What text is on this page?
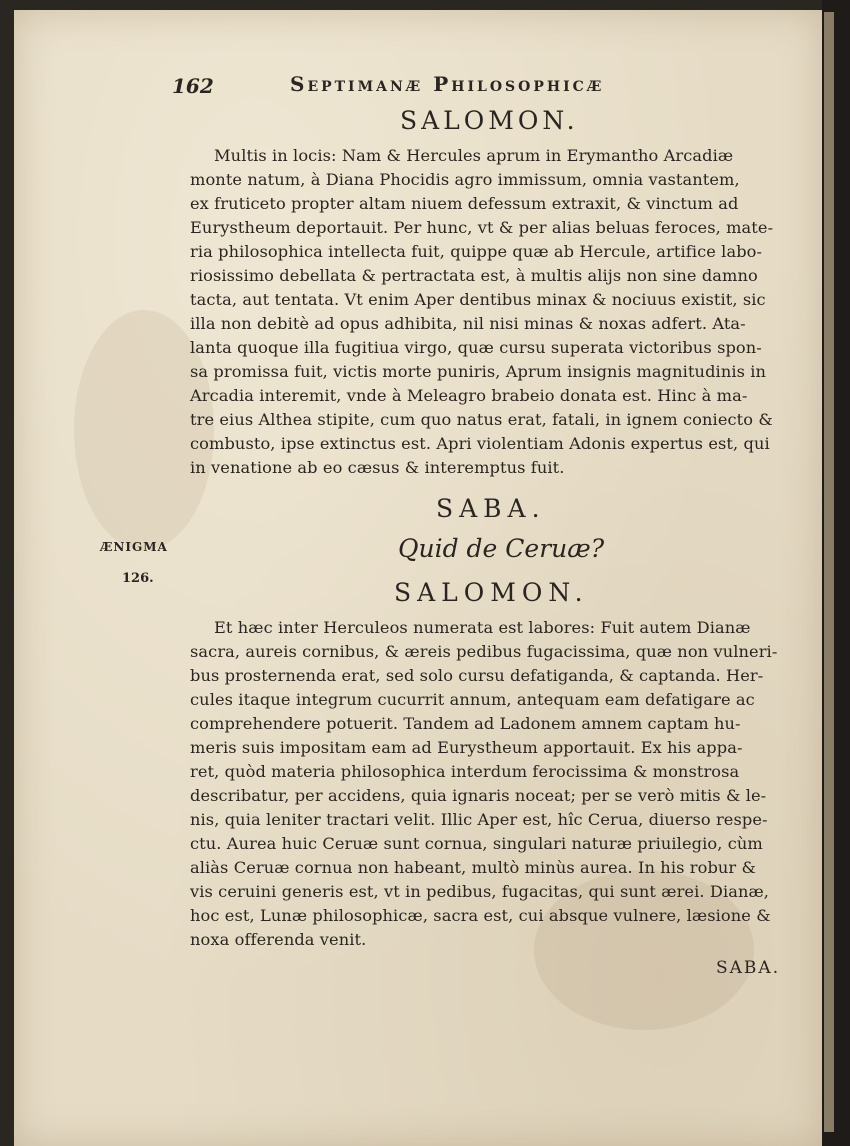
162	Septimanæ Philosophicæ
SALOMON.
Multis in locis: Nam & Hercules aprum in Erymantho Arcadiæ
monte natum, à Diana Phocidis agro immissum, omnia vastantem,
ex fruticeto propter altam niuem defessum extraxit, & vinctum ad
Eurystheum deportauit. Per hunc, vt & per alias beluas feroces, mate-
ria philosophica intellecta fuit, quippe quæ ab Hercule, artifice labo-
riosissimo debellata & pertractata est, à multis alijs non sine damno
tacta, aut tentata. Vt enim Aper dentibus minax & nociuus existit, sic
illa non debitè ad opus adhibita, nil nisi minas & noxas adfert. Ata-
lanta quoque illa fugitiua virgo, quæ cursu superata victoribus spon-
sa promissa fuit, victis morte puniris, Aprum insignis magnitudinis in
Arcadia interemit, vnde à Meleagro brabeio donata est. Hinc à ma-
tre eius Althea stipite, cum quo natus erat, fatali, in ignem coniecto &
combusto, ipse extinctus est. Apri violentiam Adonis expertus est, qui
in venatione ab eo cæsus & interemptus fuit.
SABA.
ÆNIGMA
126.
Quid de Ceruæ?
SALOMON.
Et hæc inter Herculeos numerata est labores: Fuit autem Dianæ
sacra, aureis cornibus, & æreis pedibus fugacissima, quæ non vulneri-
bus prosternenda erat, sed solo cursu defatiganda, & captanda. Her-
cules itaque integrum cucurrit annum, antequam eam defatigare ac
comprehendere potuerit. Tandem ad Ladonem amnem captam hu-
meris suis impositam eam ad Eurystheum apportauit. Ex his appa-
ret, quòd materia philosophica interdum ferocissima & monstrosa
describatur, per accidens, quia ignaris noceat; per se verò mitis & le-
nis, quia leniter tractari velit. Illic Aper est, hîc Cerua, diuerso respe-
ctu. Aurea huic Ceruæ sunt cornua, singulari naturæ priuilegio, cùm
aliàs Ceruæ cornua non habeant, multò minùs aurea. In his robur &
vis ceruini generis est, vt in pedibus, fugacitas, qui sunt ærei. Dianæ,
hoc est, Lunæ philosophicæ, sacra est, cui absque vulnere, læsione &
noxa offerenda venit.
SABA.
